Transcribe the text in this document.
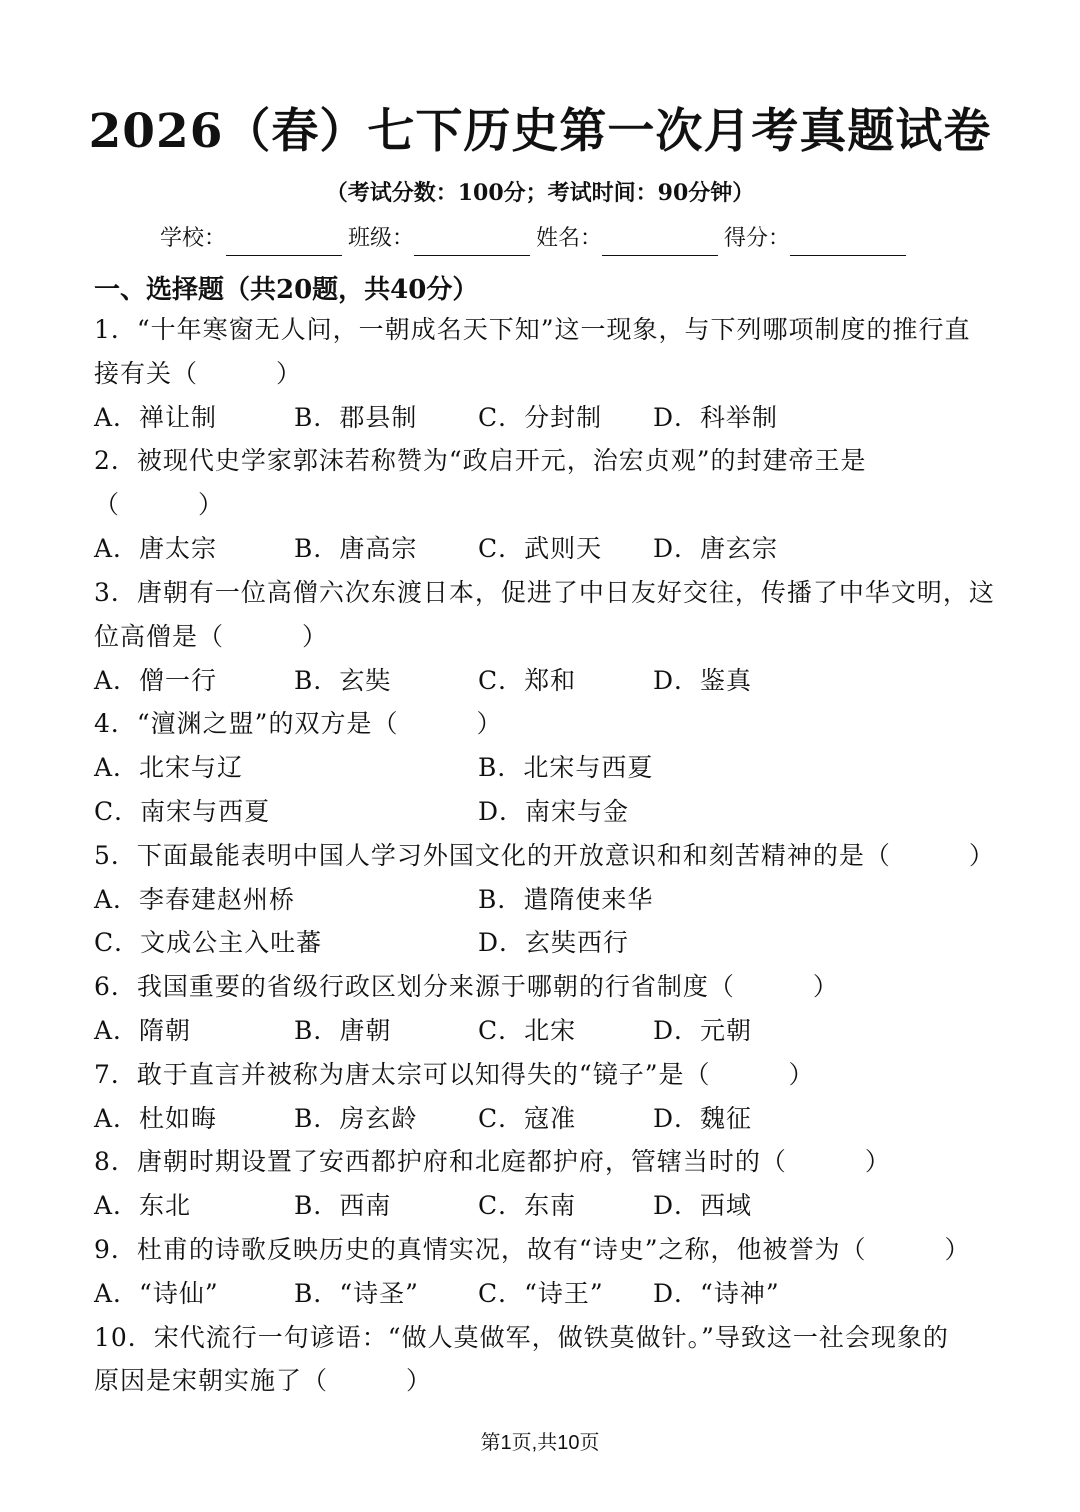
2026（春）七下历史第一次月考真题试卷
（考试分数：100分；考试时间：90分钟）
学校：	班级：	姓名：	得分：
一、选择题（共20题，共40分）
1．“十年寒窗无人问，一朝成名天下知”这一现象，与下列哪项制度的推行直
接有关（　　　）
A．禅让制	B．郡县制 C．分封制 D．科举制
2．被现代史学家郭沫若称赞为“政启开元，治宏贞观”的封建帝王是
（　　　）
A．唐太宗	B．唐高宗 C．武则天 D．唐玄宗
3．唐朝有一位高僧六次东渡日本，促进了中日友好交往，传播了中华文明，这
位高僧是（　　　）
A．僧一行	B．玄奘	C．郑和	D．鉴真
4．“澶渊之盟”的双方是（　　　）
A．北宋与辽	B．北宋与西夏
C．南宋与西夏	D．南宋与金
5．下面最能表明中国人学习外国文化的开放意识和和刻苦精神的是（　　　）
A．李春建赵州桥	B．遣隋使来华
C．文成公主入吐蕃	D．玄奘西行
6．我国重要的省级行政区划分来源于哪朝的行省制度（　　　）
A．隋朝	B．唐朝	C．北宋	D．元朝
7．敢于直言并被称为唐太宗可以知得失的“镜子”是（　　　）
A．杜如晦	B．房玄龄 C．寇准	D．魏征
8．唐朝时期设置了安西都护府和北庭都护府，管辖当时的（　　　）
A．东北	B．西南	C．东南	D．西域
9．杜甫的诗歌反映历史的真情实况，故有“诗史”之称，他被誉为（　　　）
A．“诗仙”	B．“诗圣” C．“诗王” D．“诗神”
10．宋代流行一句谚语：“做人莫做军，做铁莫做针。”导致这一社会现象的
原因是宋朝实施了（　　　）
第1页,共10页
